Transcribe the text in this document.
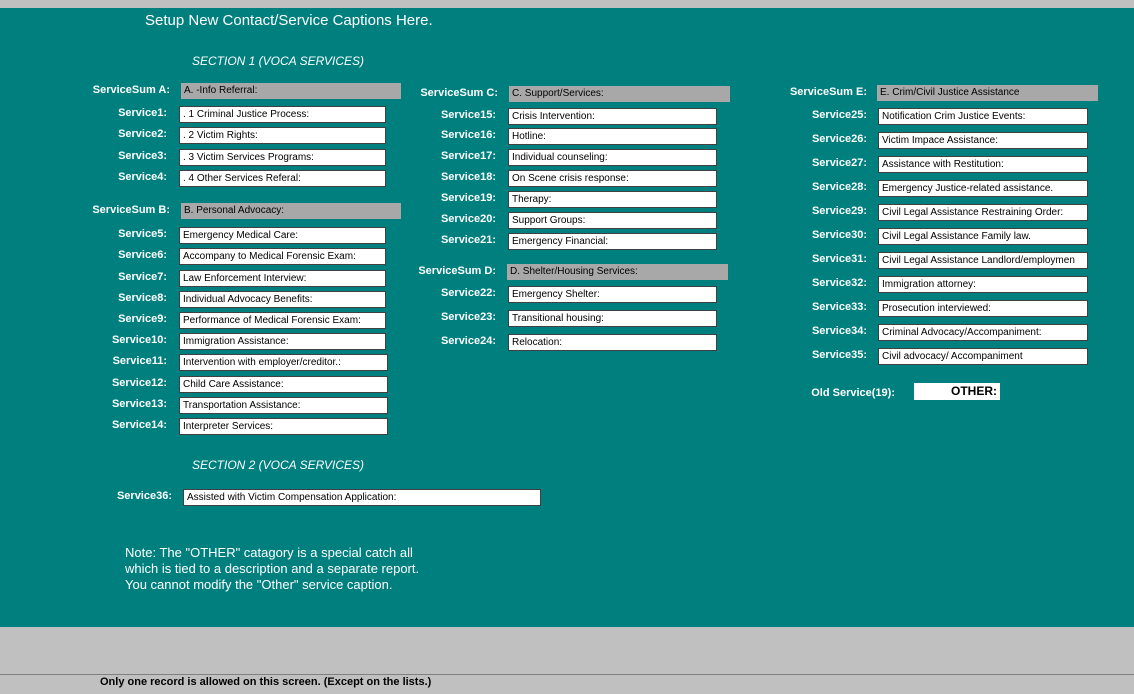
Setup New Contact/Service Captions Here.
SECTION 1 (VOCA SERVICES)
SECTION 2 (VOCA SERVICES)
ServiceSum A:	A. -Info Referral:
ServiceSum B:	B. Personal Advocacy:
ServiceSum C:	C. Support/Services:
ServiceSum D:	D. Shelter/Housing Services:
ServiceSum E:	E. Crim/Civil Justice Assistance
Service1:	. 1 Criminal Justice Process:
Service2:	. 2 Victim Rights:
Service3:	. 3 Victim Services Programs:
Service4:	. 4 Other Services Referal:
Service5:	Emergency Medical Care:
Service6:	Accompany to Medical Forensic Exam:
Service7:	Law Enforcement Interview:
Service8:	Individual Advocacy Benefits:
Service9:	Performance of Medical Forensic Exam:
Service10:	Immigration Assistance:
Service11:	Intervention with employer/creditor.:
Service12:	Child Care Assistance:
Service13:	Transportation Assistance:
Service14:	Interpreter Services:
Service15:	Crisis Intervention:
Service16:	Hotline:
Service17:	Individual counseling:
Service18:	On Scene crisis response:
Service19:	Therapy:
Service20:	Support Groups:
Service21:	Emergency Financial:
Service22:	Emergency Shelter:
Service23:	Transitional housing:
Service24:	Relocation:
Service25:	Notification Crim Justice Events:
Service26:	Victim Impace Assistance:
Service27:	Assistance with Restitution:
Service28:	Emergency Justice-related assistance.
Service29:	Civil Legal Assistance Restraining Order:
Service30:	Civil Legal Assistance Family law.
Service31:	Civil Legal Assistance Landlord/employmen
Service32:	Immigration attorney:
Service33:	Prosecution interviewed:
Service34:	Criminal Advocacy/Accompaniment:
Service35:	Civil advocacy/ Accompaniment
Old Service(19):	OTHER:
Service36:	Assisted with Victim Compensation Application:
Note: The "OTHER" catagory is a special catch all
which is tied to a description and a separate report.
You cannot modify the "Other" service caption.
Only one record is allowed on this screen. (Except on the lists.)
